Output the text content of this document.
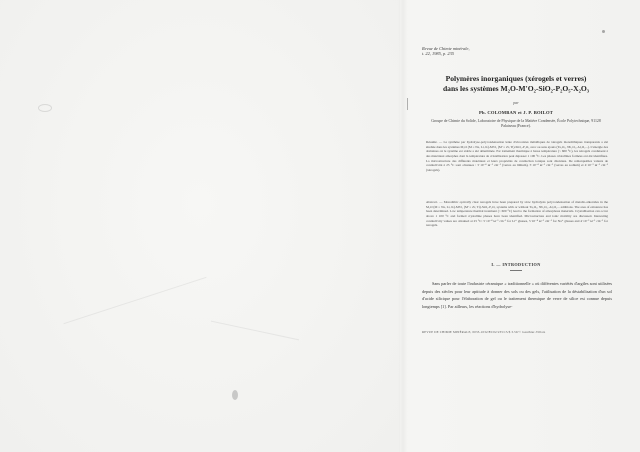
Revue de Chimie minérale,
t. 22, 1985, p. 235
Polymères inorganiques (xérogels et verres)
dans les systèmes M₂O-M'O₂-SiO₂-P₂O₅-X₂O₃
par
Ph. COLOMBAN et J. P. BOILOT
Groupe de Chimie du Solide, Laboratoire de Physique de la Matière Condensée, École Polytechnique, 91128 Palaiseau (France).
Résumé. — La synthèse par hydrolyse-polycondensation lente d'alcoolates métalliques de xérogels monolithiques transparents a été étudiée dans les systèmes M₂O (M = Na, Li, K)-M'O₂ (M' = Zr, Ti)-SiO₂-P₂O₅ avec ou sans ajouts (Ta₂O₅, Nb₂O₅, Al₂O₃...). L'énergie des domaines où le système est stable a été déterminée. Par traitement thermique à basse température (~ 600 °C), les xérogels conduisent à des matériaux amorphes dont la température de cristallisation peut dépasser 1 100 °C. Les phases cristallines formées ont été identifiées. La microstructure des différents matériaux et leurs propriétés de conduction ionique sont discutées. De remarquables valeurs de conductivité à 25 °C sont obtenues : 5·10⁻⁴ Ω⁻¹ cm⁻¹ (verres au lithium), 5·10⁻⁴ Ω⁻¹ cm⁻¹ (verres au sodium) et 4·10⁻³ Ω⁻¹ cm⁻¹ (xérogels).
Abstract. — Monolithic optically clear xerogels have been prepared by slow hydrolysis polycondensation of metallo-alkoxides in the M₂O (M = Na, Li, K)-M'O₂ (M' = Zr, Ti)-SiO₂-P₂O₅ systems with or without Ta₂O₅, Nb₂O₅, Al₂O₃... additions. The area of existence has been determined. Low temperature thermal treatment (~ 600 °C) lead to the formation of amorphous materials. Crystallisation can occur above 1 100 °C and formed crystalline phases have been identified. Microstructure and ionic mobility are discussed. Interesting conductivity values are obtained at 25 °C: 5·10⁻⁴ Ω⁻¹ cm⁻¹ for Li⁺ glasses, 5·10⁻⁴ Ω⁻¹ cm⁻¹ for Na⁺ glasses and 4·10⁻³ Ω⁻¹ cm⁻¹ for xerogels.
I. — INTRODUCTION
Sans parler de toute l'industrie céramique « traditionnelle » où différentes variétés d'argiles sont utilisées depuis des siècles pour leur aptitude à donner des sols ou des gels, l'utilisation de la déstabilisation d'un sol d'acide silicique pour l'élaboration de gel ou le traitement thermique de verre de silice est connue depuis longtemps [1]. Par ailleurs, les réactions d'hydrolyse-
REVUE DE CHIMIE MINÉRALE, 0035-1032/85/02/235/15/$ 3.50/© Gauthier-Villars
